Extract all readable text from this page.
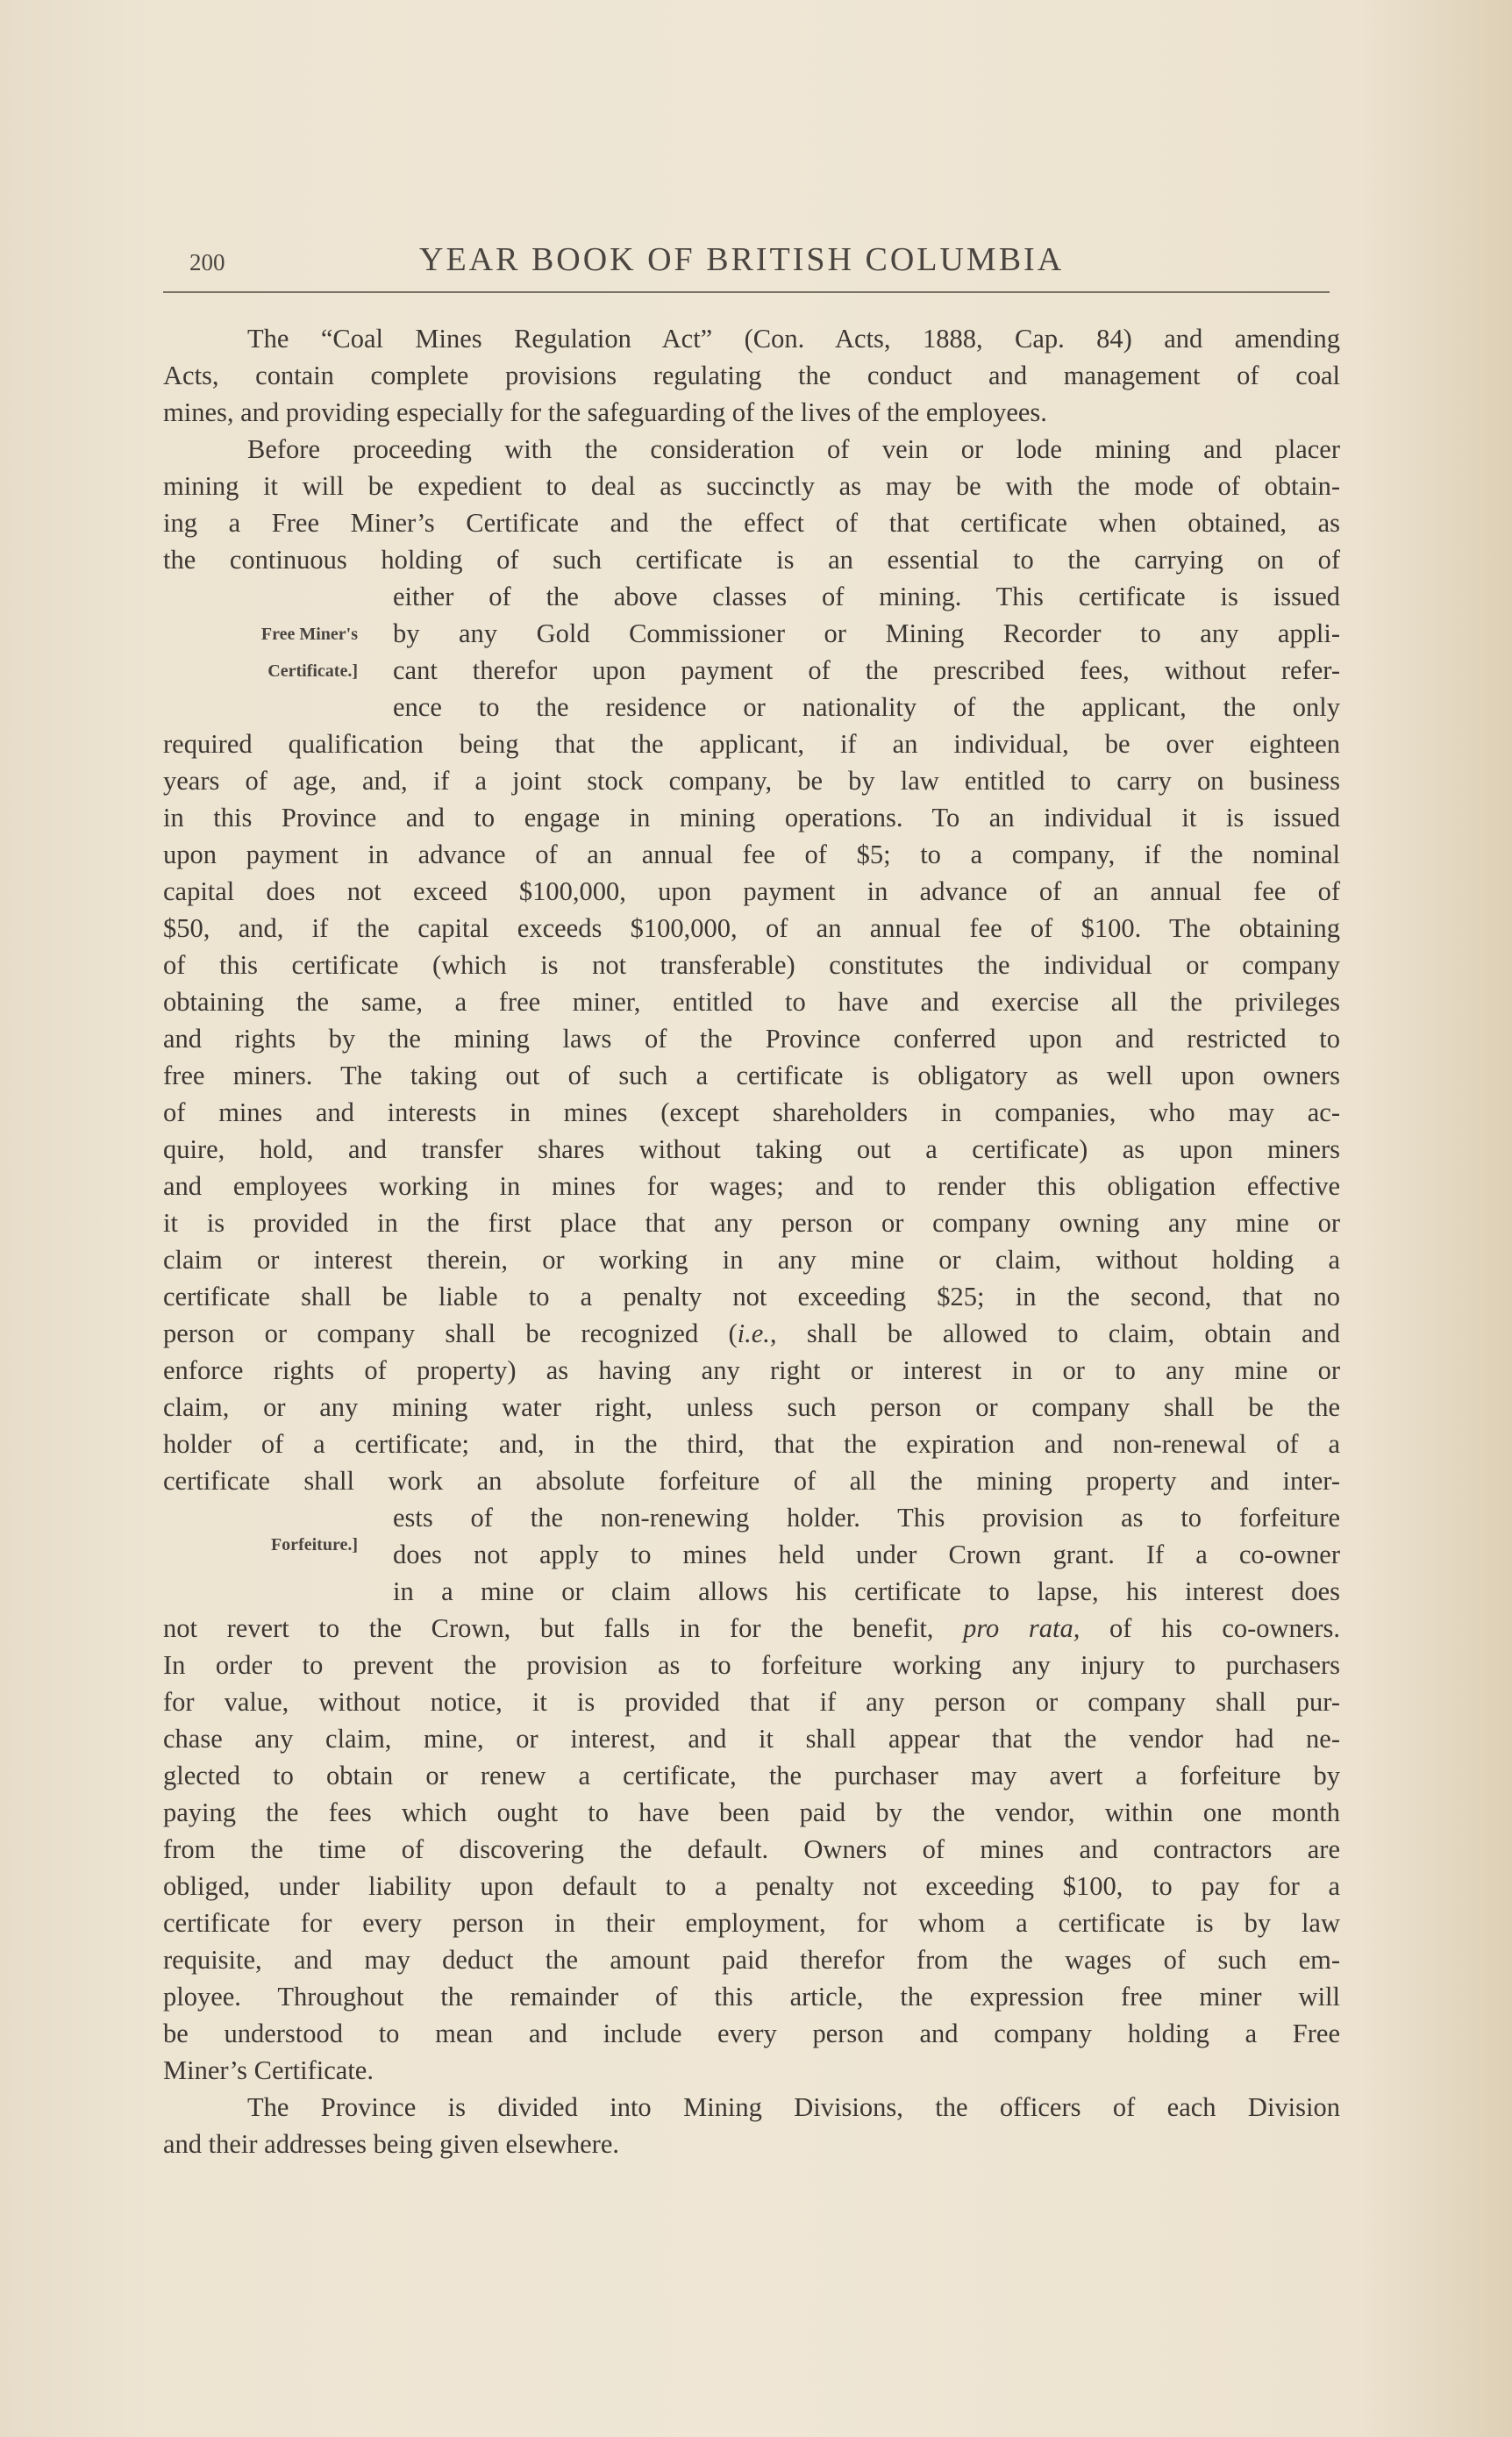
200	YEAR BOOK OF BRITISH COLUMBIA
The “Coal Mines Regulation Act” (Con. Acts, 1888, Cap. 84) and amending
Acts, contain complete provisions regulating the conduct and management of coal
mines, and providing especially for the safeguarding of the lives of the employees.
Before proceeding with the consideration of vein or lode mining and placer
mining it will be expedient to deal as succinctly as may be with the mode of obtain-
ing a Free Miner’s Certificate and the effect of that certificate when obtained, as
the continuous holding of such certificate is an essential to the carrying on of
either of the above classes of mining. This certificate is issued
by any Gold Commissioner or Mining Recorder to any appli-
cant therefor upon payment of the prescribed fees, without refer-
ence to the residence or nationality of the applicant, the only
required qualification being that the applicant, if an individual, be over eighteen
years of age, and, if a joint stock company, be by law entitled to carry on business
in this Province and to engage in mining operations. To an individual it is issued
upon payment in advance of an annual fee of $5; to a company, if the nominal
capital does not exceed $100,000, upon payment in advance of an annual fee of
$50, and, if the capital exceeds $100,000, of an annual fee of $100. The obtaining
of this certificate (which is not transferable) constitutes the individual or company
obtaining the same, a free miner, entitled to have and exercise all the privileges
and rights by the mining laws of the Province conferred upon and restricted to
free miners. The taking out of such a certificate is obligatory as well upon owners
of mines and interests in mines (except shareholders in companies, who may ac-
quire, hold, and transfer shares without taking out a certificate) as upon miners
and employees working in mines for wages; and to render this obligation effective
it is provided in the first place that any person or company owning any mine or
claim or interest therein, or working in any mine or claim, without holding a
certificate shall be liable to a penalty not exceeding $25; in the second, that no
person or company shall be recognized (i.e., shall be allowed to claim, obtain and
enforce rights of property) as having any right or interest in or to any mine or
claim, or any mining water right, unless such person or company shall be the
holder of a certificate; and, in the third, that the expiration and non-renewal of a
certificate shall work an absolute forfeiture of all the mining property and inter-
ests of the non-renewing holder. This provision as to forfeiture
does not apply to mines held under Crown grant. If a co-owner
in a mine or claim allows his certificate to lapse, his interest does
not revert to the Crown, but falls in for the benefit, pro rata, of his co-owners.
In order to prevent the provision as to forfeiture working any injury to purchasers
for value, without notice, it is provided that if any person or company shall pur-
chase any claim, mine, or interest, and it shall appear that the vendor had ne-
glected to obtain or renew a certificate, the purchaser may avert a forfeiture by
paying the fees which ought to have been paid by the vendor, within one month
from the time of discovering the default. Owners of mines and contractors are
obliged, under liability upon default to a penalty not exceeding $100, to pay for a
certificate for every person in their employment, for whom a certificate is by law
requisite, and may deduct the amount paid therefor from the wages of such em-
ployee. Throughout the remainder of this article, the expression free miner will
be understood to mean and include every person and company holding a Free
Miner’s Certificate.
The Province is divided into Mining Divisions, the officers of each Division
and their addresses being given elsewhere.
Free Miner's
Certificate.]
Forfeiture.]
